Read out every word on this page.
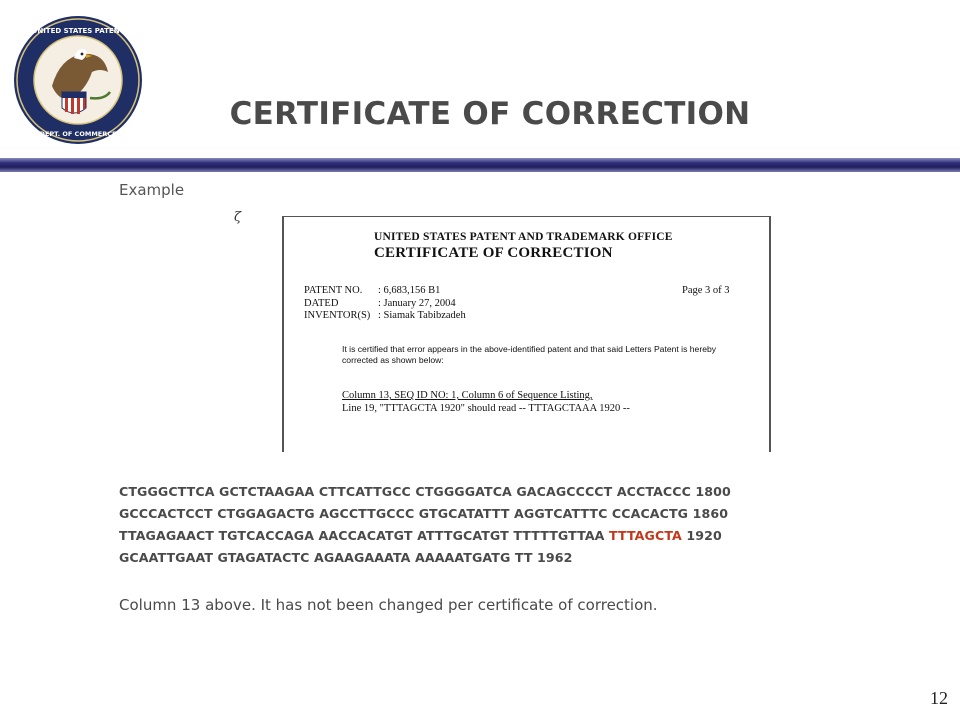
UNITED STATES PATENT
DEPT. OF COMMERCE
CERTIFICATE OF CORRECTION
Example
ζ
UNITED STATES PATENT AND TRADEMARK OFFICE
CERTIFICATE OF CORRECTION
PATENT NO.	: 6,683,156 B1
DATED	: January 27, 2004
INVENTOR(S) : Siamak Tabibzadeh
Page 3 of 3
It is certified that error appears in the above-identified patent and that said Letters Patent is hereby corrected as shown below:
Column 13, SEQ ID NO: 1, Column 6 of Sequence Listing,
Line 19, "TTTAGCTA 1920" should read -- TTTAGCTAAA 1920 --
CTGGGCTTCA GCTCTAAGAA CTTCATTGCC CTGGGGATCA GACAGCCCCT ACCTACCC 1800
GCCCACTCCT CTGGAGACTG AGCCTTGCCC GTGCATATTT AGGTCATTTC CCACACTG 1860
TTAGAGAACT TGTCACCAGA AACCACATGT ATTTGCATGT TTTTTGTTAA TTTAGCTA 1920
GCAATTGAAT GTAGATACTC AGAAGAAATA AAAAATGATG TT 1962
Column 13 above. It has not been changed per certificate of correction.
12
